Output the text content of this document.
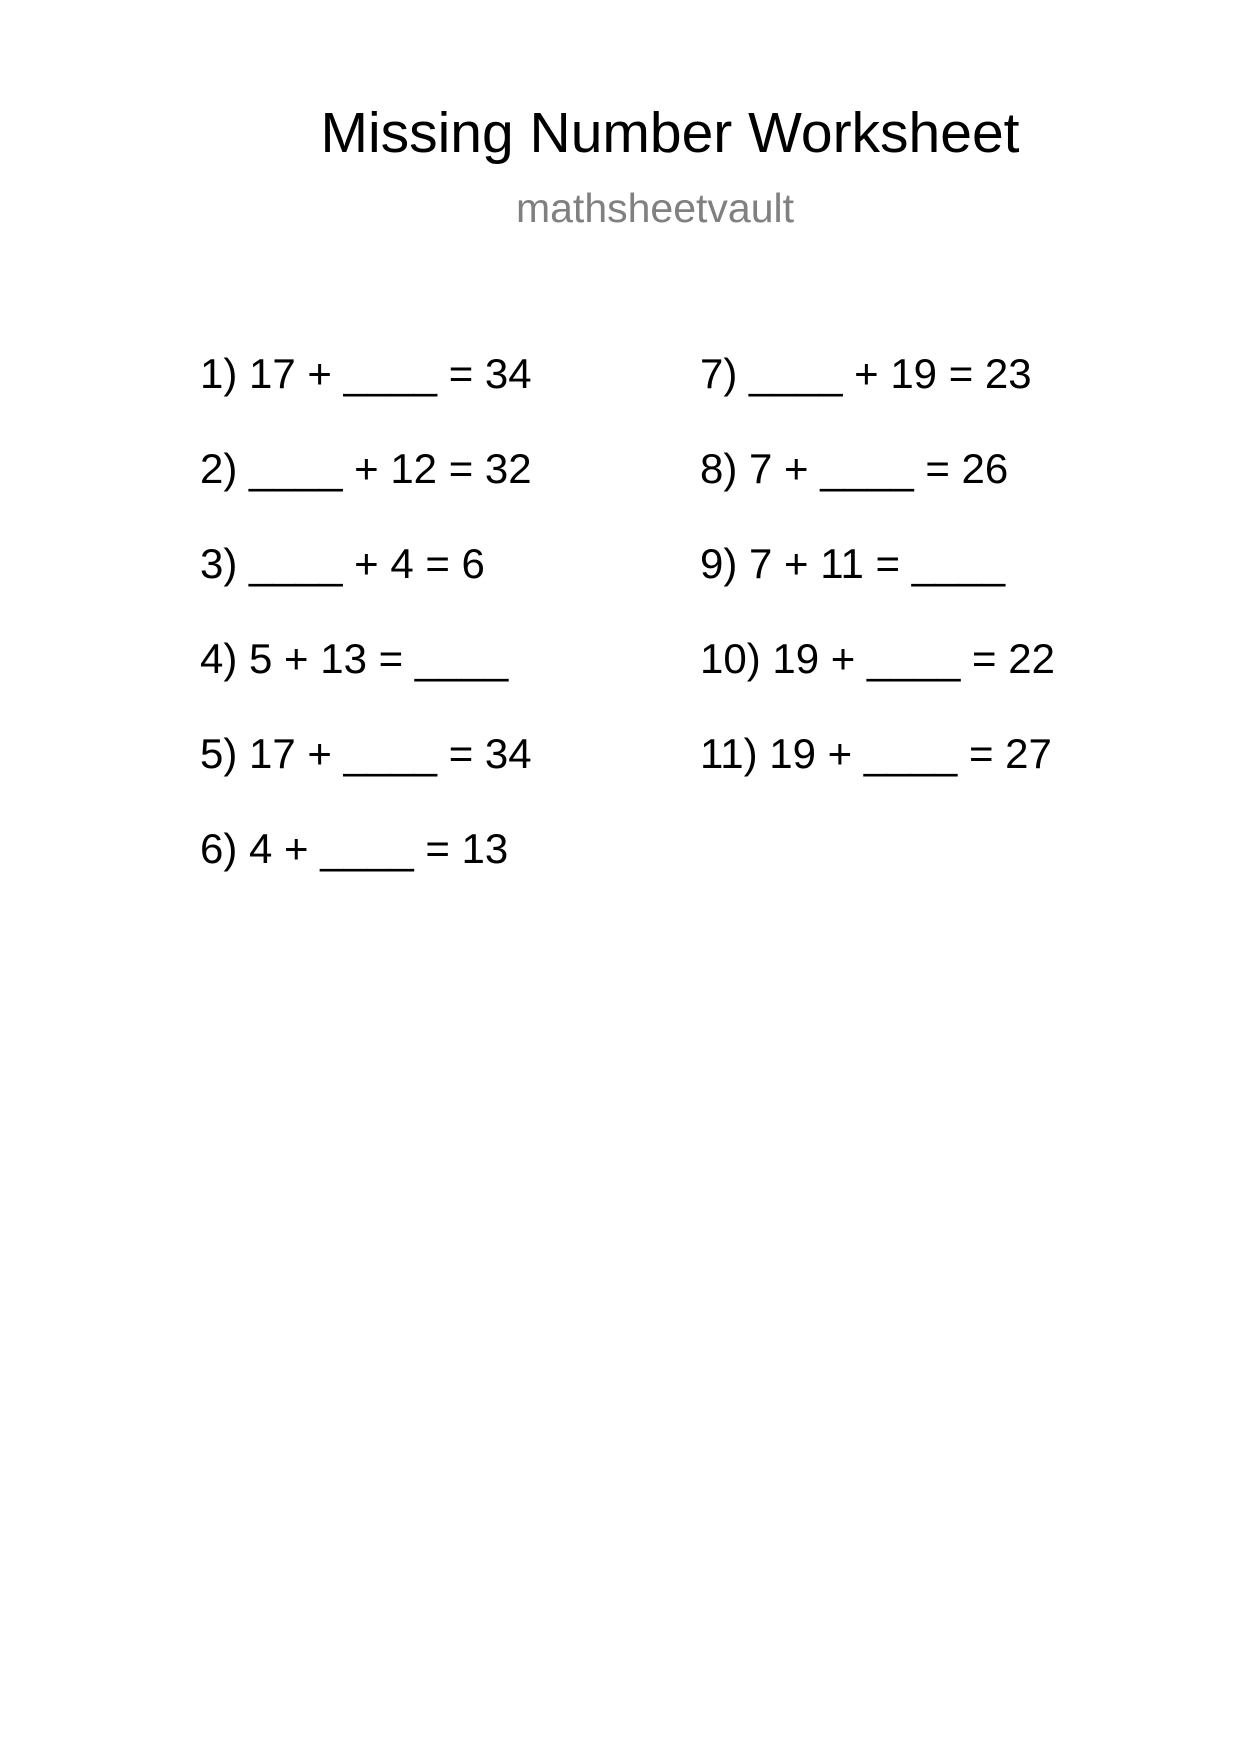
Missing Number Worksheet
mathsheetvault
1) 17 + ____ = 34
2) ____ + 12 = 32
3) ____ + 4 = 6
4) 5 + 13 = ____
5) 17 + ____ = 34
6) 4 + ____ = 13
7) ____ + 19 = 23
8) 7 + ____ = 26
9) 7 + 11 = ____
10) 19 + ____ = 22
11) 19 + ____ = 27
